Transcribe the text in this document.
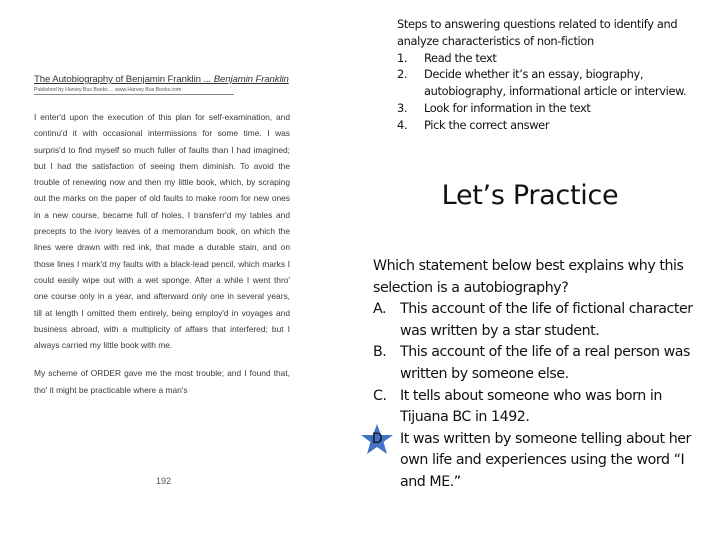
The Autobiography of Benjamin Franklin ... Benjamin Franklin
Published by Harvey Bus Books ... www.Harvey Bus Books.com

I enter'd upon the execution of this plan for self-examination, and continu'd it with occasional intermissions for some time. I was surpris'd to find myself so much fuller of faults than I had imagined; but I had the satisfaction of seeing them diminish. To avoid the trouble of renewing now and then my little book, which, by scraping out the marks on the paper of old faults to make room for new ones in a new course, became full of holes, I transferr'd my tables and precepts to the ivory leaves of a memorandum book, on which the lines were drawn with red ink, that made a durable stain, and on those lines I mark'd my faults with a black-lead pencil, which marks I could easily wipe out with a wet sponge. After a while I went thro' one course only in a year, and afterward only one in several years, till at length I omitted them entirely, being employ'd in voyages and business abroad, with a multiplicity of affairs that interfered; but I always carried my little book with me.

My scheme of ORDER gave me the most trouble; and I found that, tho' it might be practicable where a man's

192

Steps to answering questions related to identify and analyze characteristics of non-fiction

1. Read the text
2. Decide whether it’s an essay, biography, autobiography, informational article or interview.
3. Look for information in the text
4. Pick the correct answer
Let’s Practice

Which statement below best explains why this selection is a autobiography?

A. This account of the life of fictional character was written by a star student.
B. This account of the life of a real person was written by someone else.
C. It tells about someone who was born in Tijuana BC in 1492.
D	It was written by someone telling about her own life and experiences using the word “I and ME.”
